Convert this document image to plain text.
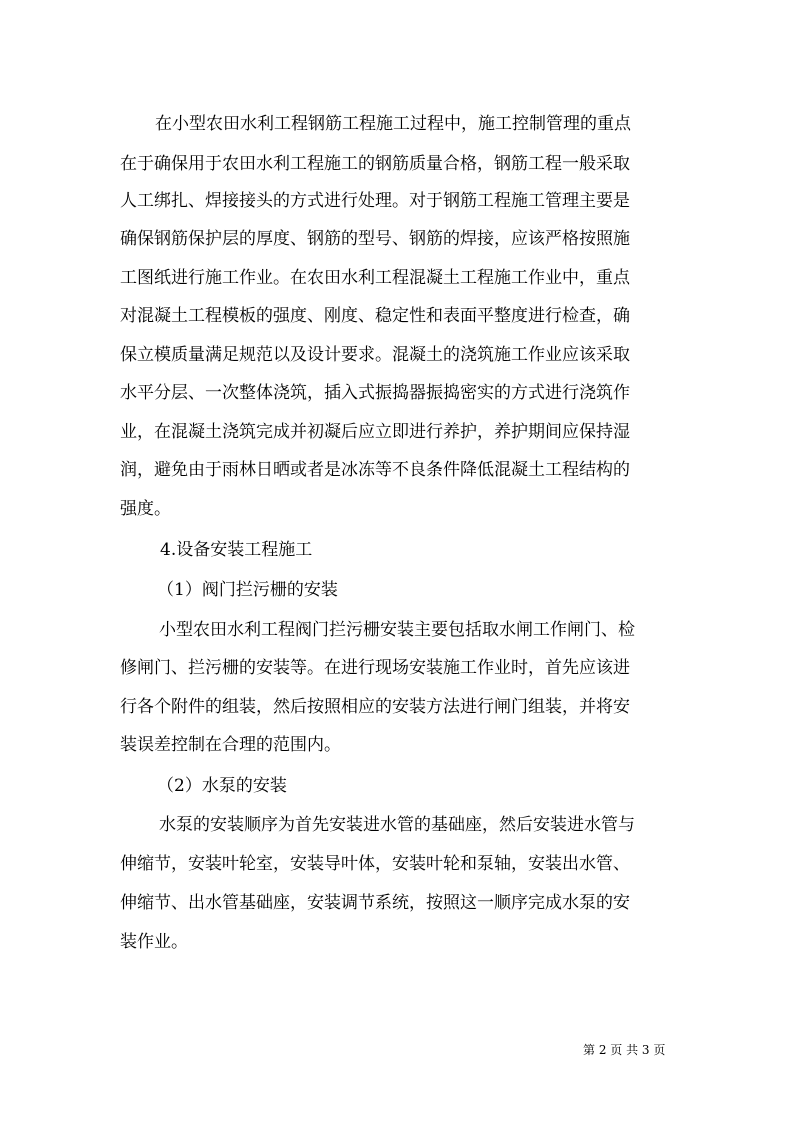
在小型农田水利工程钢筋工程施工过程中，施工控制管理的重点
在于确保用于农田水利工程施工的钢筋质量合格，钢筋工程一般采取
人工绑扎、焊接接头的方式进行处理。对于钢筋工程施工管理主要是
确保钢筋保护层的厚度、钢筋的型号、钢筋的焊接，应该严格按照施
工图纸进行施工作业。在农田水利工程混凝土工程施工作业中，重点
对混凝土工程模板的强度、刚度、稳定性和表面平整度进行检查，确
保立模质量满足规范以及设计要求。混凝土的浇筑施工作业应该采取
水平分层、一次整体浇筑，插入式振捣器振捣密实的方式进行浇筑作
业，在混凝土浇筑完成并初凝后应立即进行养护，养护期间应保持湿
润，避免由于雨林日晒或者是冰冻等不良条件降低混凝土工程结构的
强度。
4.设备安装工程施工
（1）阀门拦污栅的安装
小型农田水利工程阀门拦污栅安装主要包括取水闸工作闸门、检
修闸门、拦污栅的安装等。在进行现场安装施工作业时，首先应该进
行各个附件的组装，然后按照相应的安装方法进行闸门组装，并将安
装误差控制在合理的范围内。
（2）水泵的安装
水泵的安装顺序为首先安装进水管的基础座，然后安装进水管与
伸缩节，安装叶轮室，安装导叶体，安装叶轮和泵轴，安装出水管、
伸缩节、出水管基础座，安装调节系统，按照这一顺序完成水泵的安
装作业。
第 2 页 共 3 页
